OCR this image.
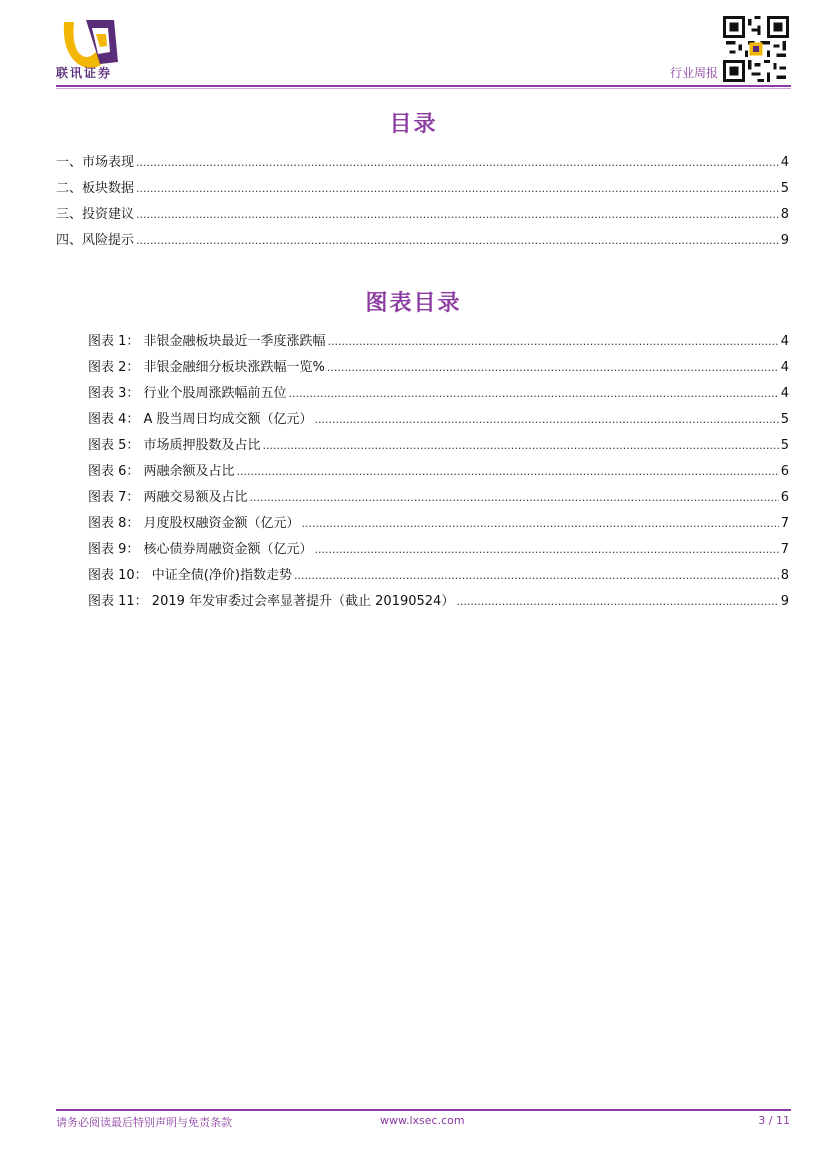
联讯证券	行业周报
目录
一、市场表现 .....	4
二、板块数据 .....	5
三、投资建议 .....	8
四、风险提示 .....	9
图表目录
图表 1： 非银金融板块最近一季度涨跌幅 .....	4
图表 2： 非银金融细分板块涨跌幅一览% .....	4
图表 3： 行业个股周涨跌幅前五位 .....	4
图表 4： A 股当周日均成交额（亿元） .....	5
图表 5： 市场质押股数及占比 .....	5
图表 6： 两融余额及占比 .....	6
图表 7： 两融交易额及占比 .....	6
图表 8： 月度股权融资金额（亿元） .....	7
图表 9： 核心债券周融资金额（亿元） .....	7
图表 10： 中证全债(净价)指数走势 .....	8
图表 11： 2019 年发审委过会率显著提升（截止 20190524） .....	9
请务必阅读最后特别声明与免责条款	www.lxsec.com	3 / 11
